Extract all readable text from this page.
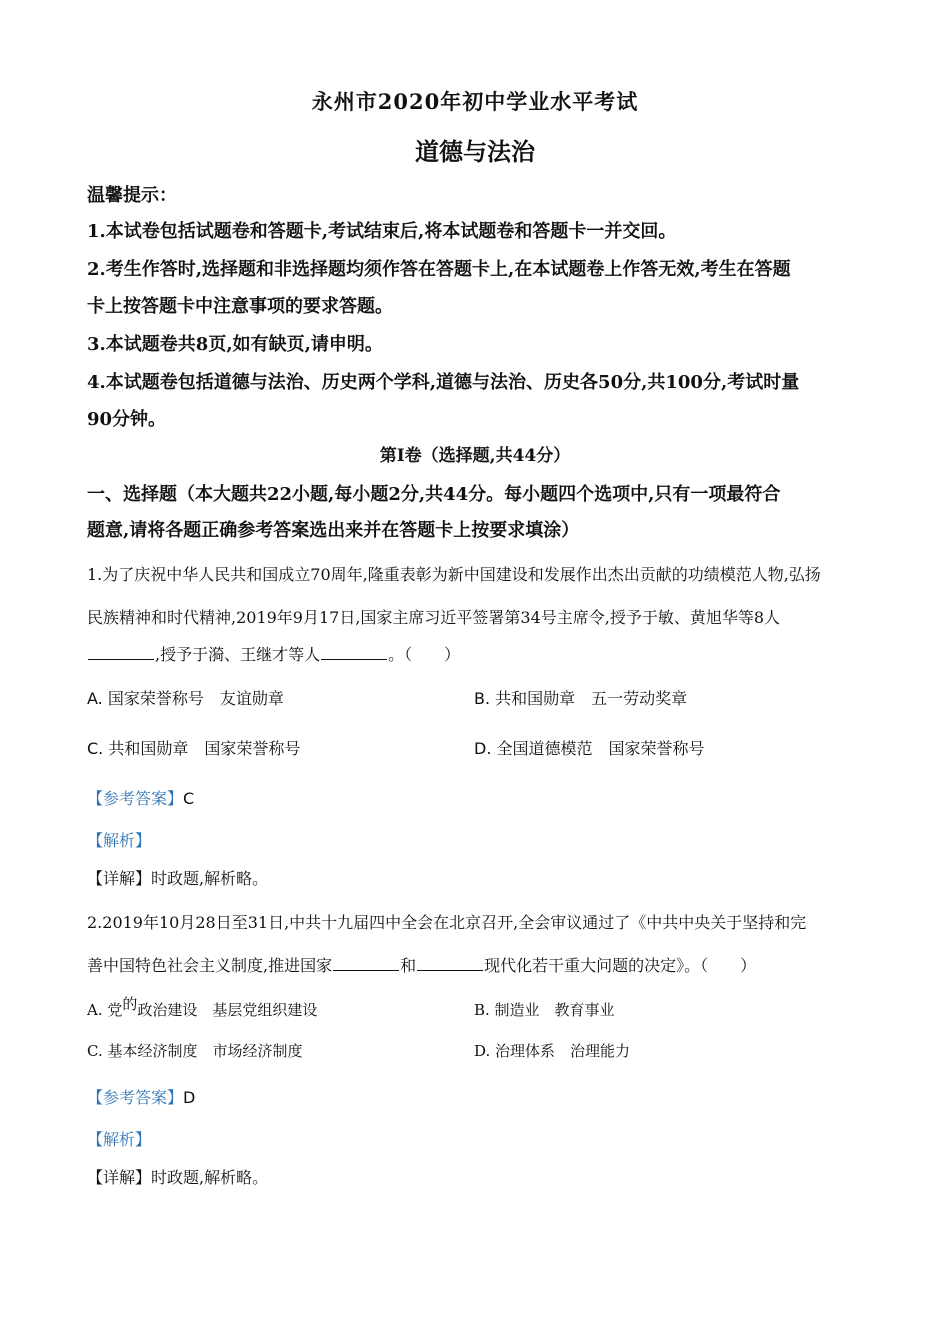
永州市2020年初中学业水平考试
道德与法治
温馨提示：
1.本试卷包括试题卷和答题卡,考试结束后,将本试题卷和答题卡一并交回。
2.考生作答时,选择题和非选择题均须作答在答题卡上,在本试题卷上作答无效,考生在答题
卡上按答题卡中注意事项的要求答题。
3.本试题卷共8页,如有缺页,请申明。
4.本试题卷包括道德与法治、历史两个学科,道德与法治、历史各50分,共100分,考试时量
90分钟。
第Ⅰ卷（选择题,共44分）
一、选择题（本大题共22小题,每小题2分,共44分。每小题四个选项中,只有一项最符合
题意,请将各题正确参考答案选出来并在答题卡上按要求填涂）
1.为了庆祝中华人民共和国成立70周年,隆重表彰为新中国建设和发展作出杰出贡献的功绩模范人物,弘扬
民族精神和时代精神,2019年9月17日,国家主席习近平签署第34号主席令,授予于敏、黄旭华等8人
,授予于漪、王继才等人	。（　　）
A. 国家荣誉称号　友谊勋章	B. 共和国勋章　五一劳动奖章
C. 共和国勋章　国家荣誉称号	D. 全国道德模范　国家荣誉称号
【参考答案】C
【解析】
【详解】时政题,解析略。
2.2019年10月28日至31日,中共十九届四中全会在北京召开,全会审议通过了《中共中央关于坚持和完
善中国特色社会主义制度,推进国家	和	现代化若干重大问题的决定》。（　　）
A. 党的政治建设　基层党组织建设	B. 制造业　教育事业
C. 基本经济制度　市场经济制度	D. 治理体系　治理能力
【参考答案】D
【解析】
【详解】时政题,解析略。
